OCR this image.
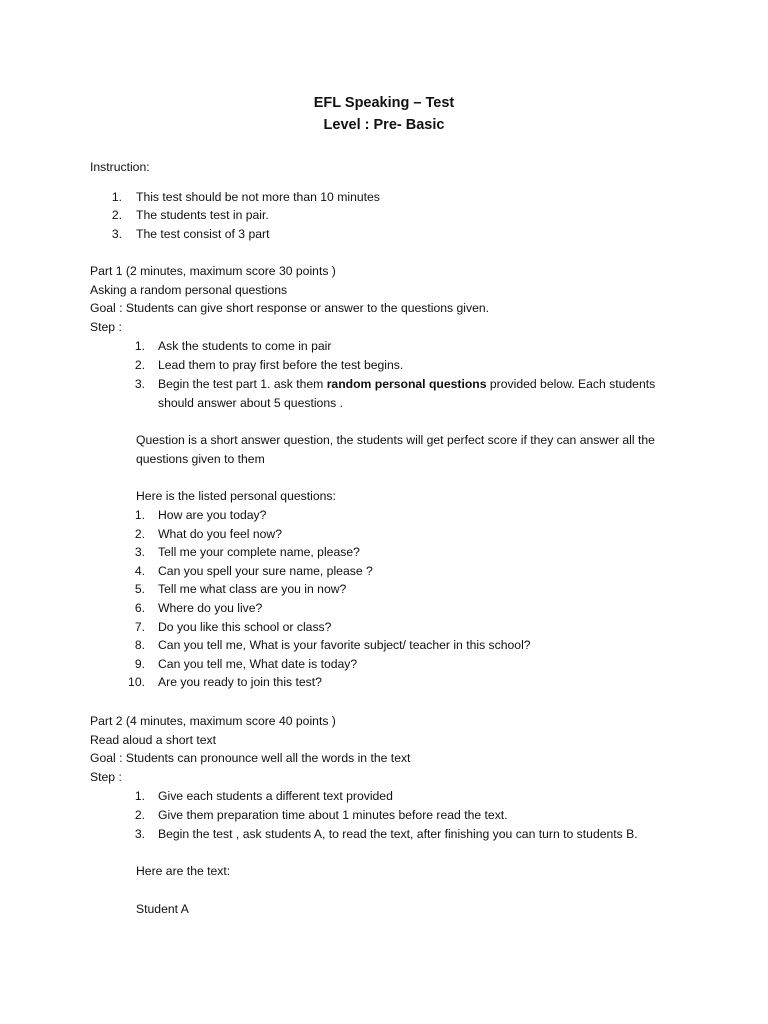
EFL Speaking – Test
Level : Pre- Basic
Instruction:
1. This test should be not more than 10 minutes
2. The students test in pair.
3. The test consist of 3 part
Part 1 (2 minutes, maximum score 30 points )
Asking a random personal questions
Goal : Students can give short response or answer to the questions given.
Step :
1. Ask the students to come in pair
2. Lead them to pray first before the test begins.
3. Begin the test part 1. ask them random personal questions provided below. Each students
should answer about 5 questions .
Question is a short answer question, the students will get perfect score if they can answer all the
questions given to them
Here is the listed personal questions:
1. How are you today?
2. What do you feel now?
3. Tell me your complete name, please?
4. Can you spell your sure name, please ?
5. Tell me what class are you in now?
6. Where do you live?
7. Do you like this school or class?
8. Can you tell me, What is your favorite subject/ teacher in this school?
9. Can you tell me, What date is today?
10. Are you ready to join this test?
Part 2 (4 minutes, maximum score 40 points )
Read aloud a short text
Goal : Students can pronounce well all the words in the text
Step :
1. Give each students a different text provided
2. Give them preparation time about 1 minutes before read the text.
3. Begin the test , ask students A, to read the text, after finishing you can turn to students B.
Here are the text:
Student A
